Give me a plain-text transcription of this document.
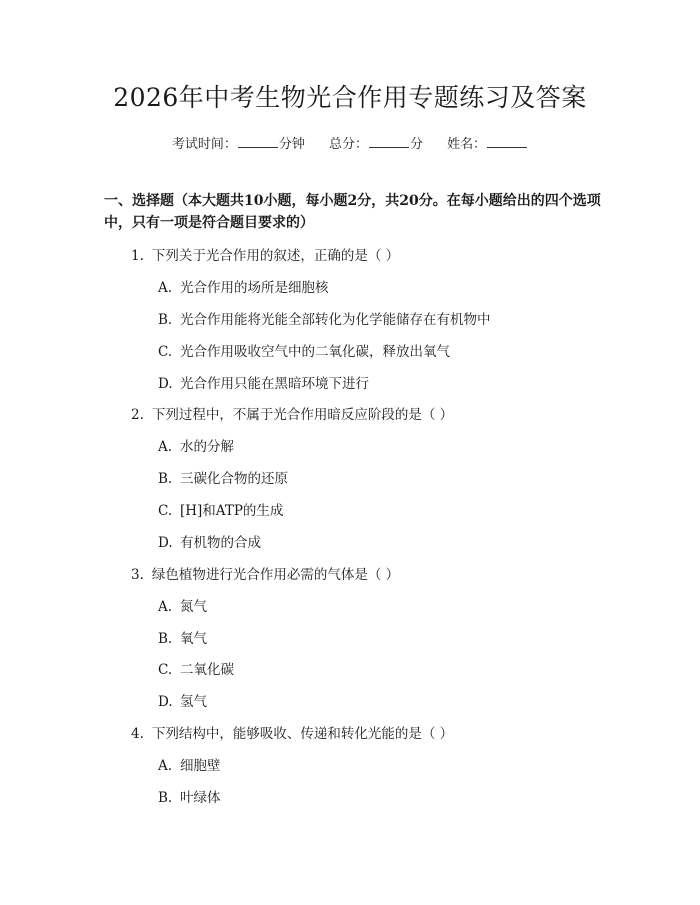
2026年中考生物光合作用专题练习及答案
考试时间：	分钟 总分：	分 姓名：

一、选择题（本大题共10小题，每小题2分，共20分。在每小题给出的四个选项中，只有一项是符合题目要求的）

1. 下列关于光合作用的叙述，正确的是（ ）
A. 光合作用的场所是细胞核
B. 光合作用能将光能全部转化为化学能储存在有机物中
C. 光合作用吸收空气中的二氧化碳，释放出氧气
D. 光合作用只能在黑暗环境下进行
2. 下列过程中，不属于光合作用暗反应阶段的是（ ）
A. 水的分解
B. 三碳化合物的还原
C. [H]和ATP的生成
D. 有机物的合成
3. 绿色植物进行光合作用必需的气体是（ ）
A. 氮气
B. 氧气
C. 二氧化碳
D. 氢气
4. 下列结构中，能够吸收、传递和转化光能的是（ ）
A. 细胞壁
B. 叶绿体
